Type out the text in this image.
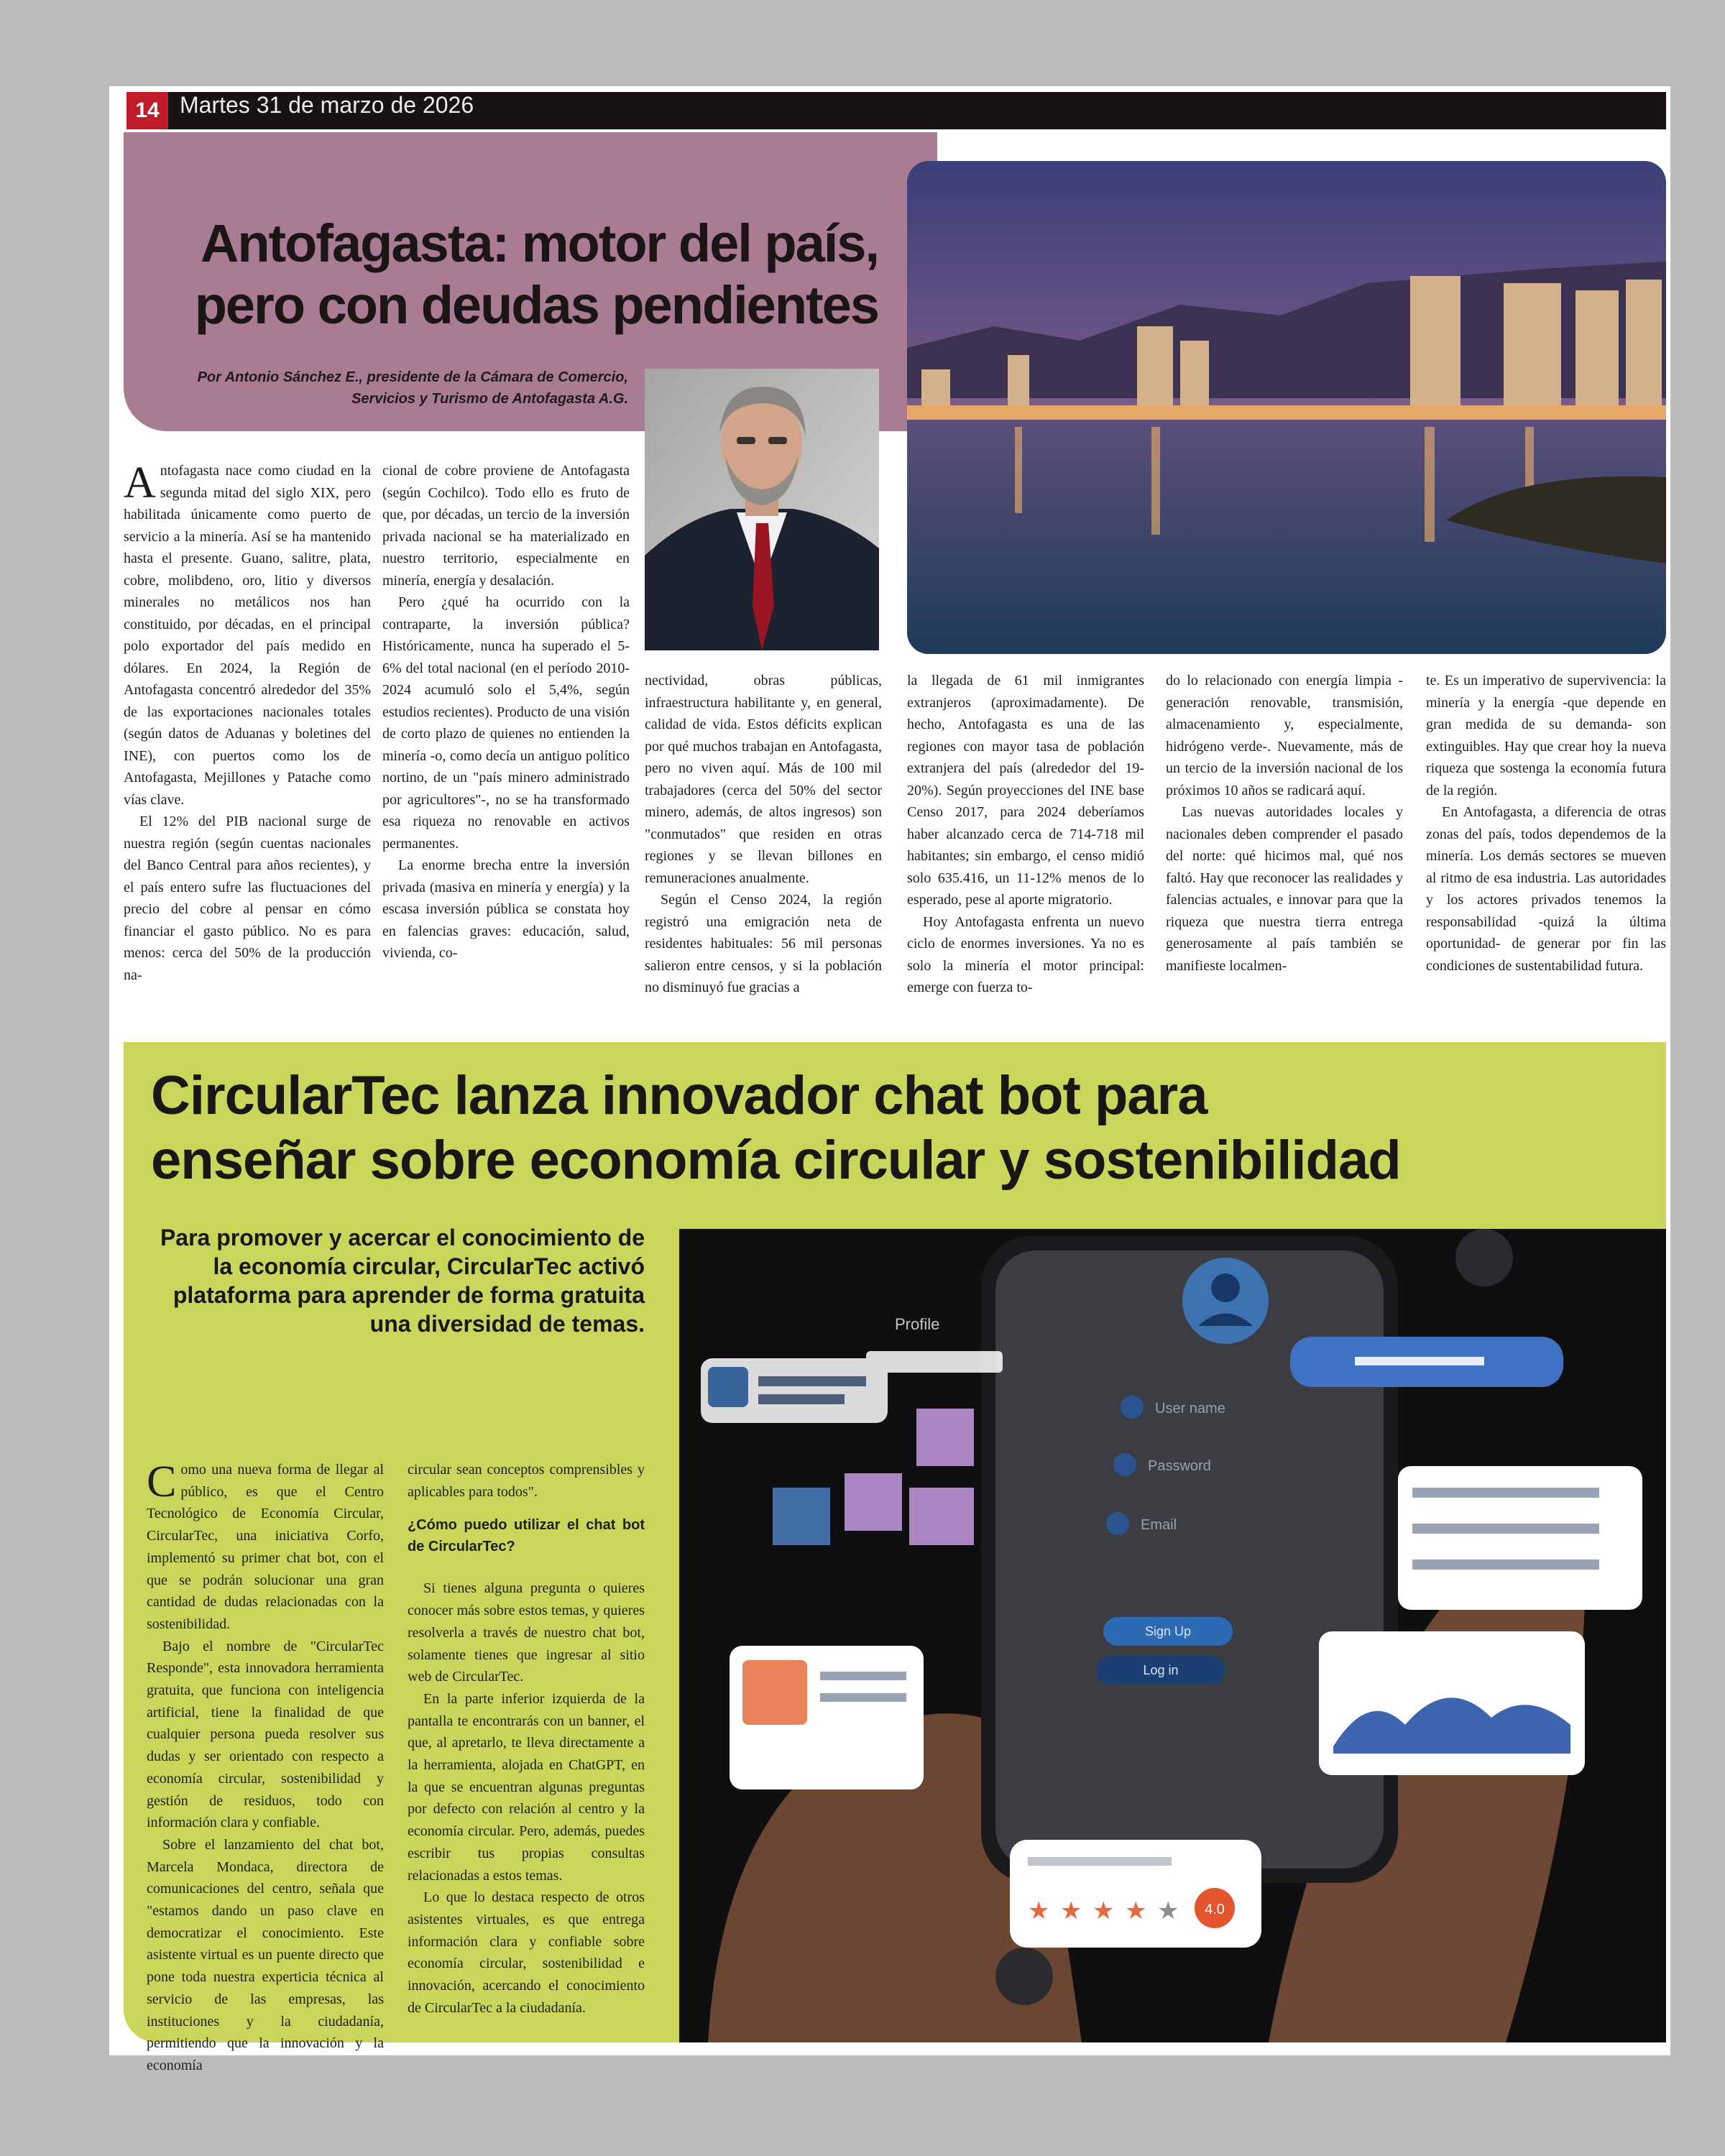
14 Martes 31 de marzo de 2026
Antofagasta: motor del país,
pero con deudas pendientes
Por Antonio Sánchez E., presidente de la Cámara de Comercio,
Servicios y Turismo de Antofagasta A.G.

Antofagasta nace como ciudad en la segunda mitad del siglo XIX, pero habilitada únicamente como puerto de servicio a la minería. Así se ha mantenido hasta el presente. Guano, salitre, plata, cobre, molibdeno, oro, litio y diversos minerales no metálicos nos han constituido, por décadas, en el principal polo exportador del país medido en dólares. En 2024, la Región de Antofagasta concentró alrededor del 35% de las exportaciones nacionales totales (según datos de Aduanas y boletines del INE), con puertos como los de Antofagasta, Mejillones y Patache como vías clave.

El 12% del PIB nacional surge de nuestra región (según cuentas nacionales del Banco Central para años recientes), y el país entero sufre las fluctuaciones del precio del cobre al pensar en cómo financiar el gasto público. No es para menos: cerca del 50% de la producción na-

cional de cobre proviene de Antofagasta (según Cochilco). Todo ello es fruto de que, por décadas, un tercio de la inversión privada nacional se ha materializado en nuestro territorio, especialmente en minería, energía y desalación.

Pero ¿qué ha ocurrido con la contraparte, la inversión pública? Históricamente, nunca ha superado el 5-6% del total nacional (en el período 2010-2024 acumuló solo el 5,4%, según estudios recientes). Producto de una visión de corto plazo de quienes no entienden la minería -o, como decía un antiguo político nortino, de un "país minero administrado por agricultores"-, no se ha transformado esa riqueza no renovable en activos permanentes.

La enorme brecha entre la inversión privada (masiva en minería y energía) y la escasa inversión pública se constata hoy en falencias graves: educación, salud, vivienda, co-

nectividad, obras públicas, infraestructura habilitante y, en general, calidad de vida. Estos déficits explican por qué muchos trabajan en Antofagasta, pero no viven aquí. Más de 100 mil trabajadores (cerca del 50% del sector minero, además, de altos ingresos) son "conmutados" que residen en otras regiones y se llevan billones en remuneraciones anualmente.

Según el Censo 2024, la región registró una emigración neta de residentes habituales: 56 mil personas salieron entre censos, y si la población no disminuyó fue gracias a

la llegada de 61 mil inmigrantes extranjeros (aproximadamente). De hecho, Antofagasta es una de las regiones con mayor tasa de población extranjera del país (alrededor del 19-20%). Según proyecciones del INE base Censo 2017, para 2024 deberíamos haber alcanzado cerca de 714-718 mil habitantes; sin embargo, el censo midió solo 635.416, un 11-12% menos de lo esperado, pese al aporte migratorio.

Hoy Antofagasta enfrenta un nuevo ciclo de enormes inversiones. Ya no es solo la minería el motor principal: emerge con fuerza to-

do lo relacionado con energía limpia -generación renovable, transmisión, almacenamiento y, especialmente, hidrógeno verde-. Nuevamente, más de un tercio de la inversión nacional de los próximos 10 años se radicará aquí.

Las nuevas autoridades locales y nacionales deben comprender el pasado del norte: qué hicimos mal, qué nos faltó. Hay que reconocer las realidades y falencias actuales, e innovar para que la riqueza que nuestra tierra entrega generosamente al país también se manifieste localmen-

te. Es un imperativo de supervivencia: la minería y la energía -que depende en gran medida de su demanda- son extinguibles. Hay que crear hoy la nueva riqueza que sostenga la economía futura de la región.

En Antofagasta, a diferencia de otras zonas del país, todos dependemos de la minería. Los demás sectores se mueven al ritmo de esa industria. Las autoridades y los actores privados tenemos la responsabilidad -quizá la última oportunidad- de generar por fin las condiciones de sustentabilidad futura.

CircularTec lanza innovador chat bot para
enseñar sobre economía circular y sostenibilidad
Para promover y acercar el conocimiento de la economía circular, CircularTec activó plataforma para aprender de forma gratuita una diversidad de temas.
User name
Password
Email
Sign Up
Log in
Profile
★ ★ ★ ★ ★ 4.0

Como una nueva forma de llegar al público, es que el Centro Tecnológico de Economía Circular, CircularTec, una iniciativa Corfo, implementó su primer chat bot, con el que se podrán solucionar una gran cantidad de dudas relacionadas con la sostenibilidad.

Bajo el nombre de "CircularTec Responde", esta innovadora herramienta gratuita, que funciona con inteligencia artificial, tiene la finalidad de que cualquier persona pueda resolver sus dudas y ser orientado con respecto a economía circular, sostenibilidad y gestión de residuos, todo con información clara y confiable.

Sobre el lanzamiento del chat bot, Marcela Mondaca, directora de comunicaciones del centro, señala que "estamos dando un paso clave en democratizar el conocimiento. Este asistente virtual es un puente directo que pone toda nuestra experticia técnica al servicio de las empresas, las instituciones y la ciudadanía, permitiendo que la innovación y la economía

circular sean conceptos comprensibles y aplicables para todos".

¿Cómo puedo utilizar el chat bot de CircularTec?

Si tienes alguna pregunta o quieres conocer más sobre estos temas, y quieres resolverla a través de nuestro chat bot, solamente tienes que ingresar al sitio web de CircularTec.

En la parte inferior izquierda de la pantalla te encontrarás con un banner, el que, al apretarlo, te lleva directamente a la herramienta, alojada en ChatGPT, en la que se encuentran algunas preguntas por defecto con relación al centro y la economía circular. Pero, además, puedes escribir tus propias consultas relacionadas a estos temas.

Lo que lo destaca respecto de otros asistentes virtuales, es que entrega información clara y confiable sobre economía circular, sostenibilidad e innovación, acercando el conocimiento de CircularTec a la ciudadanía.
